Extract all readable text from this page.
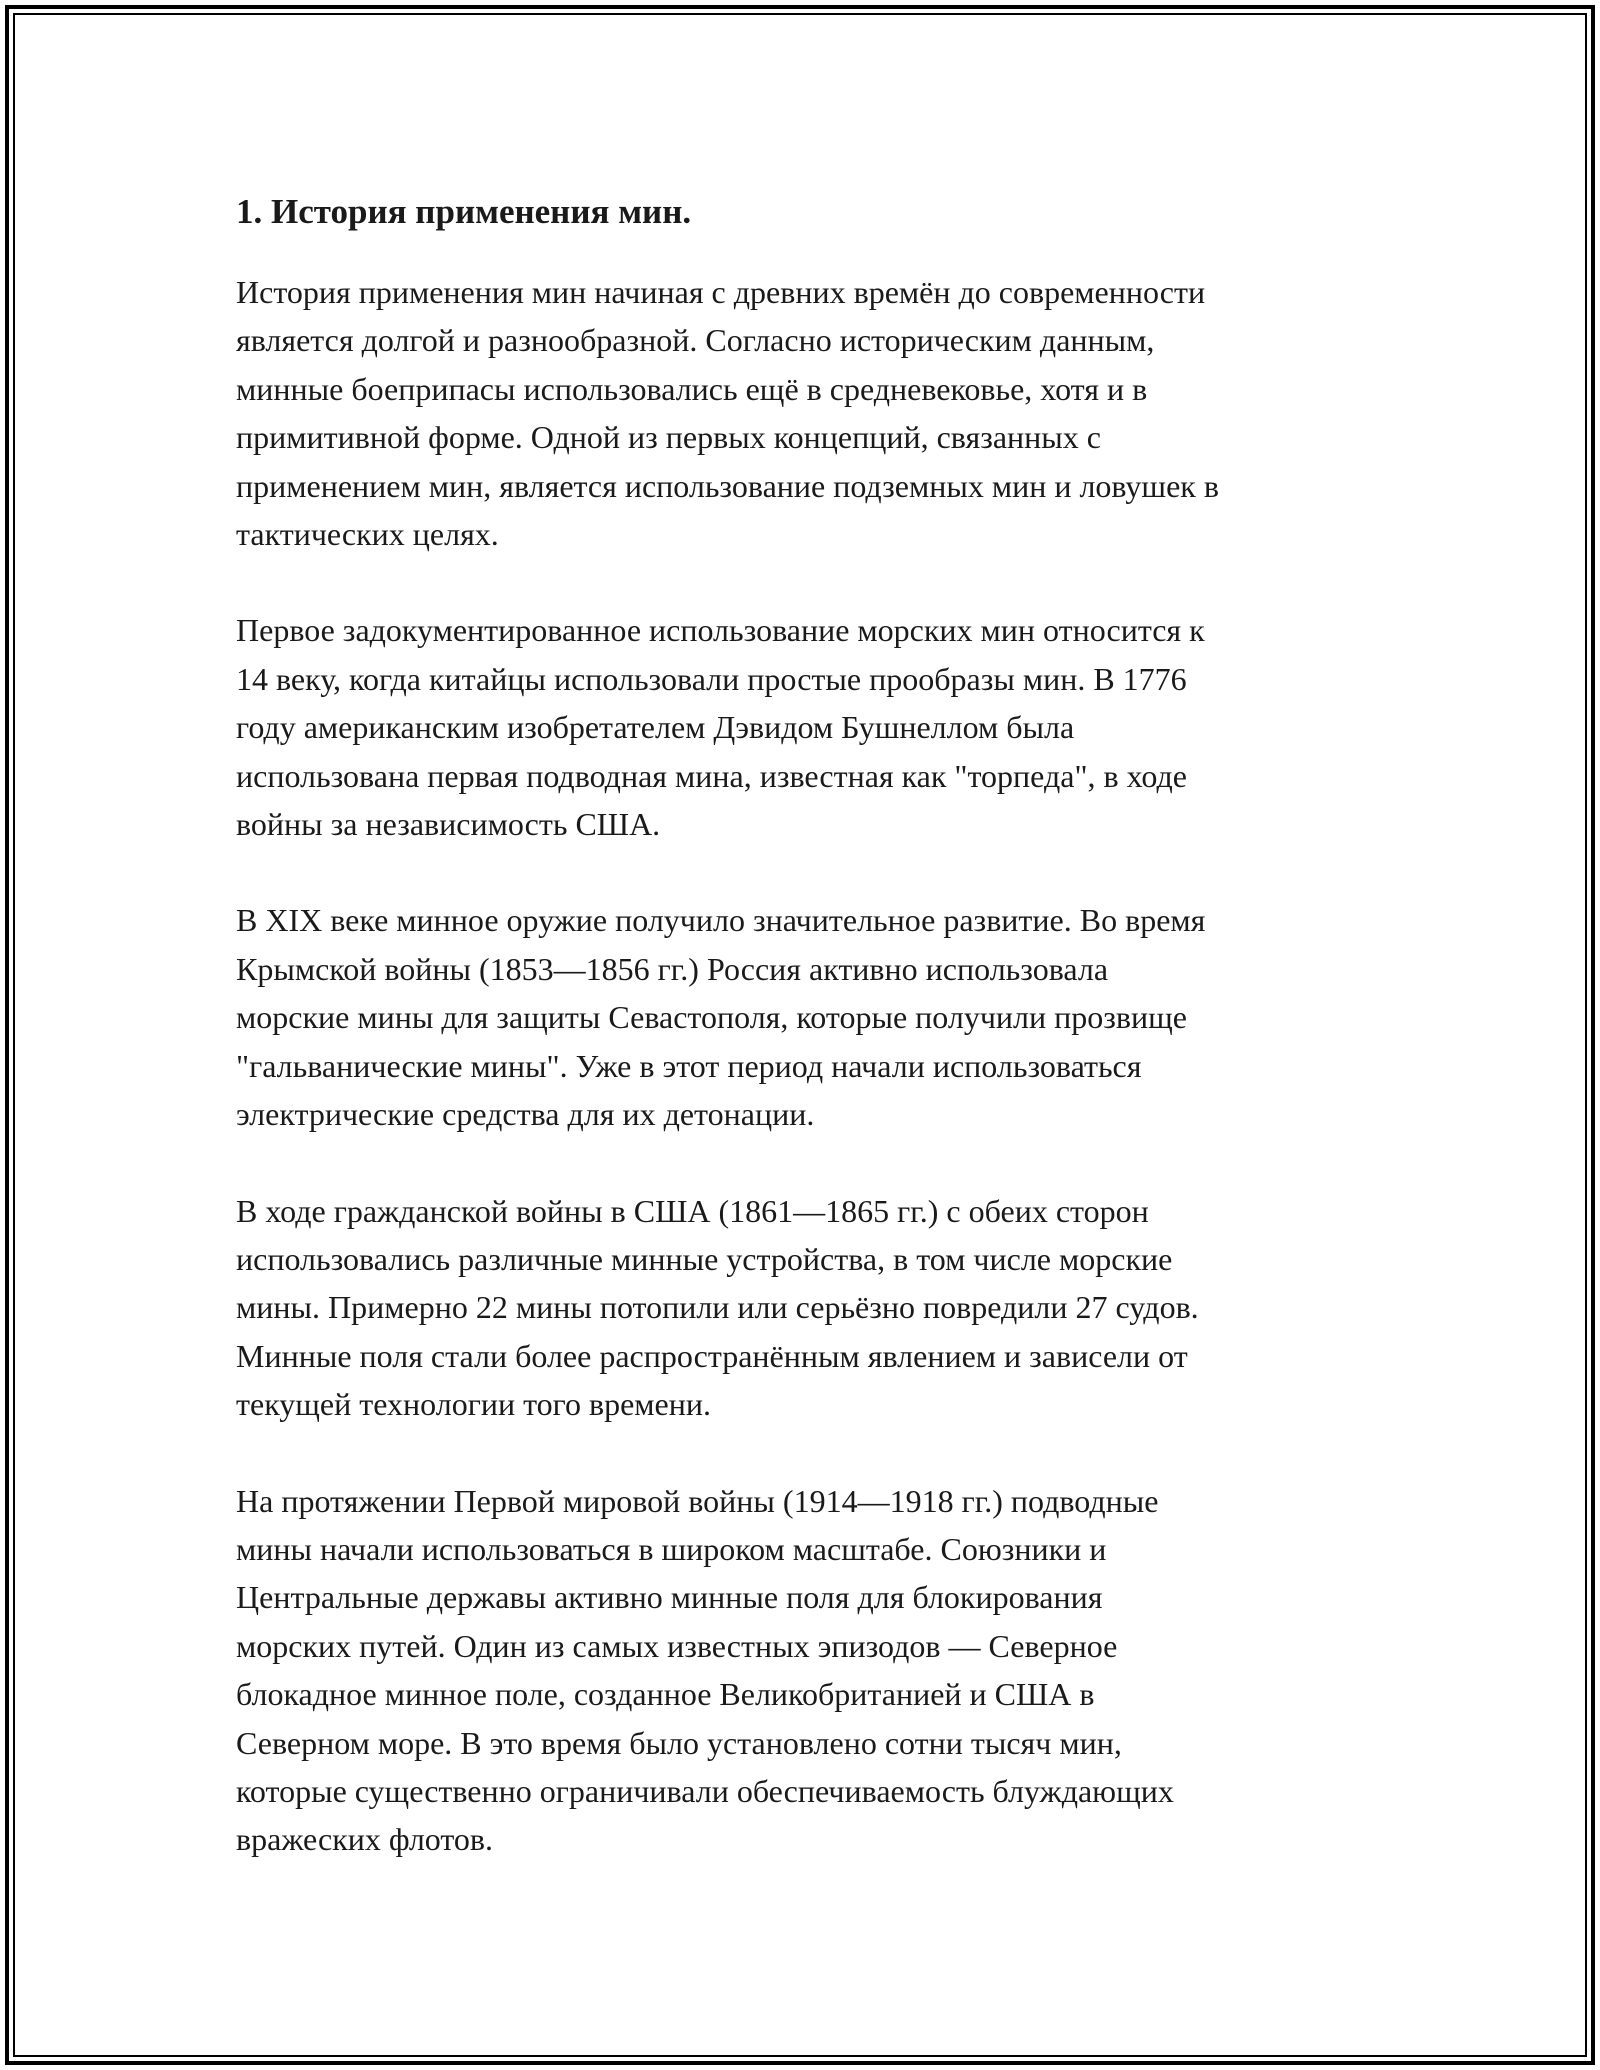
1. История применения мин.

История применения мин начиная с древних времён до современности
является долгой и разнообразной. Согласно историческим данным,
минные боеприпасы использовались ещё в средневековье, хотя и в
примитивной форме. Одной из первых концепций, связанных с
применением мин, является использование подземных мин и ловушек в
тактических целях.

Первое задокументированное использование морских мин относится к
14 веку, когда китайцы использовали простые прообразы мин. В 1776
году американским изобретателем Дэвидом Бушнеллом была
использована первая подводная мина, известная как "торпеда", в ходе
войны за независимость США.

В XIX веке минное оружие получило значительное развитие. Во время
Крымской войны (1853—1856 гг.) Россия активно использовала
морские мины для защиты Севастополя, которые получили прозвище
"гальванические мины". Уже в этот период начали использоваться
электрические средства для их детонации.

В ходе гражданской войны в США (1861—1865 гг.) с обеих сторон
использовались различные минные устройства, в том числе морские
мины. Примерно 22 мины потопили или серьёзно повредили 27 судов.
Минные поля стали более распространённым явлением и зависели от
текущей технологии того времени.

На протяжении Первой мировой войны (1914—1918 гг.) подводные
мины начали использоваться в широком масштабе. Союзники и
Центральные державы активно минные поля для блокирования
морских путей. Один из самых известных эпизодов — Северное
блокадное минное поле, созданное Великобританией и США в
Северном море. В это время было установлено сотни тысяч мин,
которые существенно ограничивали обеспечиваемость блуждающих
вражеских флотов.
